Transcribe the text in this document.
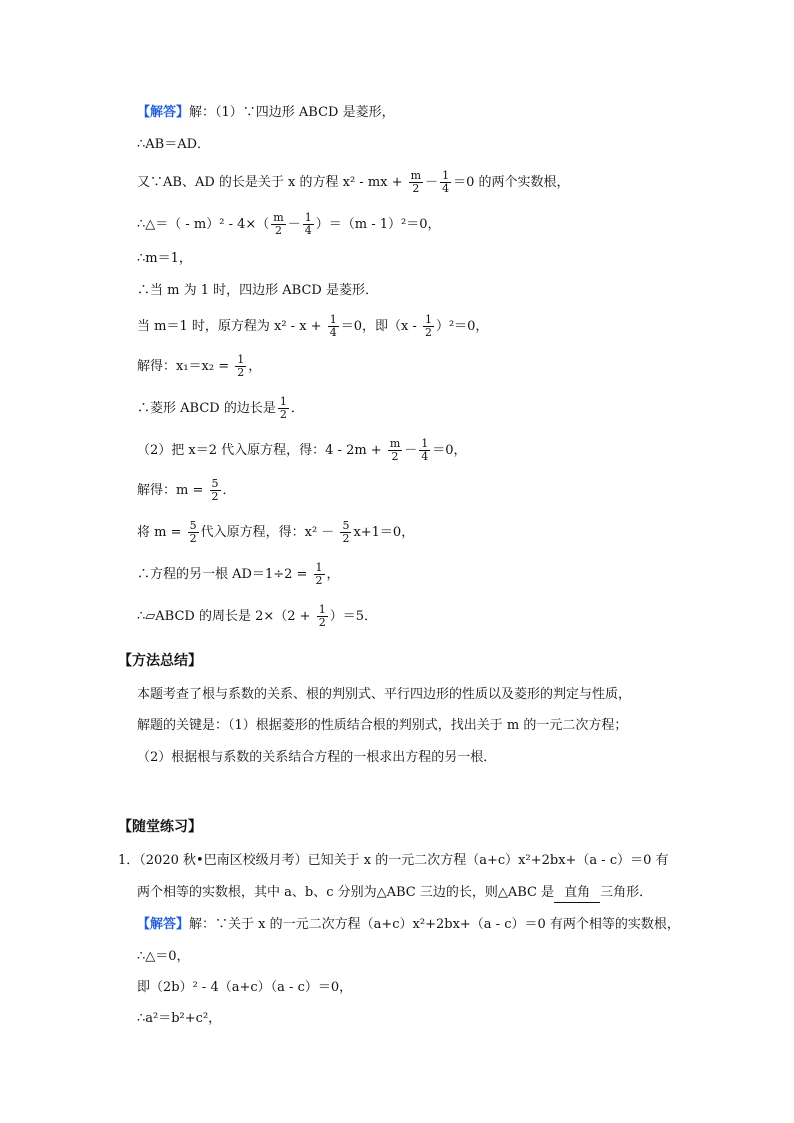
【解答】解：（1）∵四边形 ABCD 是菱形，
∴AB＝AD．
又∵AB、AD 的长是关于 x 的方程 x² - mx + $\frac{m}{2} - \frac{1}{4} =0$ 的两个实数根，
∴△＝（ - $m)^2 - 4\times( \frac{m}{2} - \frac{1}{4} )=(m - 1)^2=0$，
∴m＝1，
∴当 m 为 1 时，四边形 ABCD 是菱形．
当 m＝1 时，原方程为 $x^2 - x + \frac{1}{4} =0$，即$(x - \frac{1}{2} )^2=0$，
解得：$x_1=x_2 = \frac{1}{2}$ ，
∴菱形 ABCD 的边长是 $\frac{1}{2}$ ．
（2）把 x＝2 代入原方程，得：$4 - 2m + \frac{m}{2} - \frac{1}{4} =0$，
解得：$m = \frac{5}{2}$ ．
将 $m = \frac{5}{2}$ 代入原方程，得：$x^2 - \frac{5}{2} x+1=0$，
∴方程的另一根 $AD=1\div 2 = \frac{1}{2}$ ，
∴▱ABCD 的周长是 $2\times(2 + \frac{1}{2} )=5$．
【方法总结】
本题考查了根与系数的关系、根的判别式、平行四边形的性质以及菱形的判定与性质，
解题的关键是：（1）根据菱形的性质结合根的判别式，找出关于 m 的一元二次方程；
（2）根据根与系数的关系结合方程的一根求出方程的另一根．
【随堂练习】
1．（2020 秋•巴南区校级月考）已知关于 x 的一元二次方程（a+c）x²+2bx+（a - c）＝0 有
两个相等的实数根，其中 a、b、c 分别为△ABC 三边的长，则△ABC 是 直角 三角形．
【解答】解：∵关于 x 的一元二次方程（a+c）x²+2bx+（a - c）＝0 有两个相等的实数根，
∴△＝0，
即（2b）² - 4（a+c）（a - c）＝0，
∴a²＝b²+c²，
